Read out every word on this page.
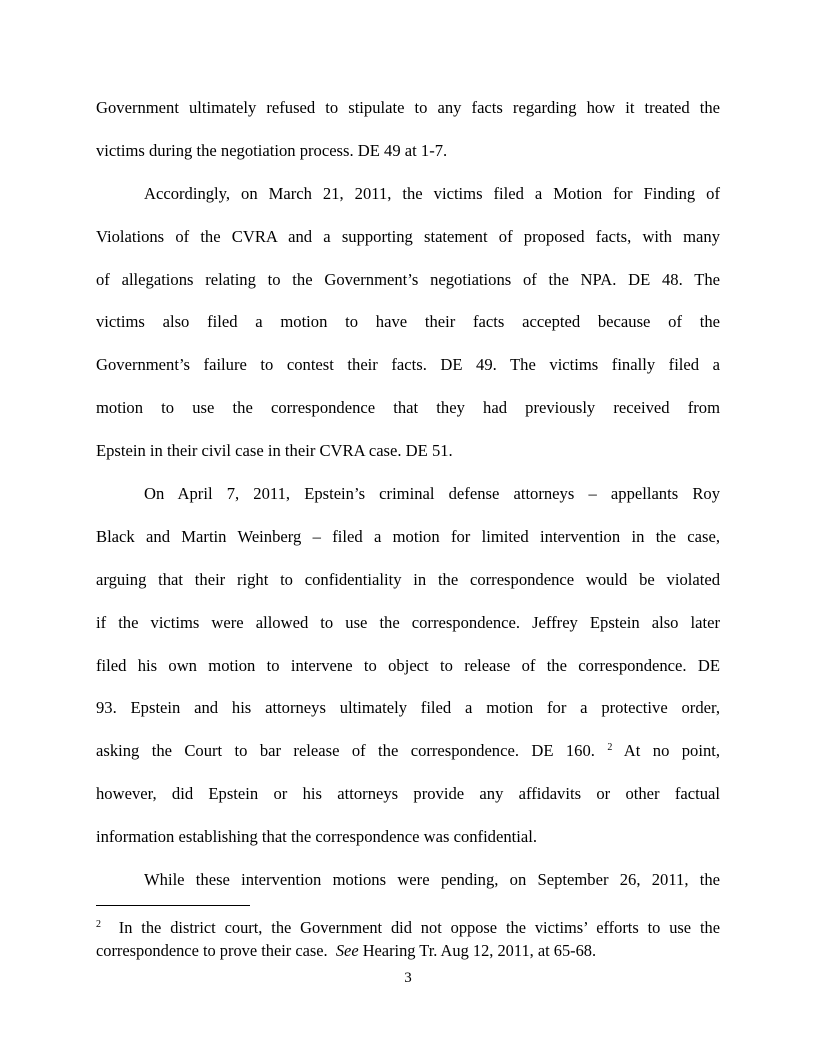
Government ultimately refused to stipulate to any facts regarding how it treated the
victims during the negotiation process. DE 49 at 1-7.
Accordingly, on March 21, 2011, the victims filed a Motion for Finding of
Violations of the CVRA and a supporting statement of proposed facts, with many
of allegations relating to the Government’s negotiations of the NPA. DE 48. The
victims also filed a motion to have their facts accepted because of the
Government’s failure to contest their facts. DE 49. The victims finally filed a
motion to use the correspondence that they had previously received from
Epstein in their civil case in their CVRA case. DE 51.
On April 7, 2011, Epstein’s criminal defense attorneys – appellants Roy
Black and Martin Weinberg – filed a motion for limited intervention in the case,
arguing that their right to confidentiality in the correspondence would be violated
if the victims were allowed to use the correspondence. Jeffrey Epstein also later
filed his own motion to intervene to object to release of the correspondence. DE
93. Epstein and his attorneys ultimately filed a motion for a protective order,
asking the Court to bar release of the correspondence. DE 160. $^2$ At no point,
however, did Epstein or his attorneys provide any affidavits or other factual
information establishing that the correspondence was confidential.
While these intervention motions were pending, on September 26, 2011, the
$^2$ In the district court, the Government did not oppose the victims’ efforts to use the
correspondence to prove their case.  See Hearing Tr. Aug 12, 2011, at 65-68.
3
